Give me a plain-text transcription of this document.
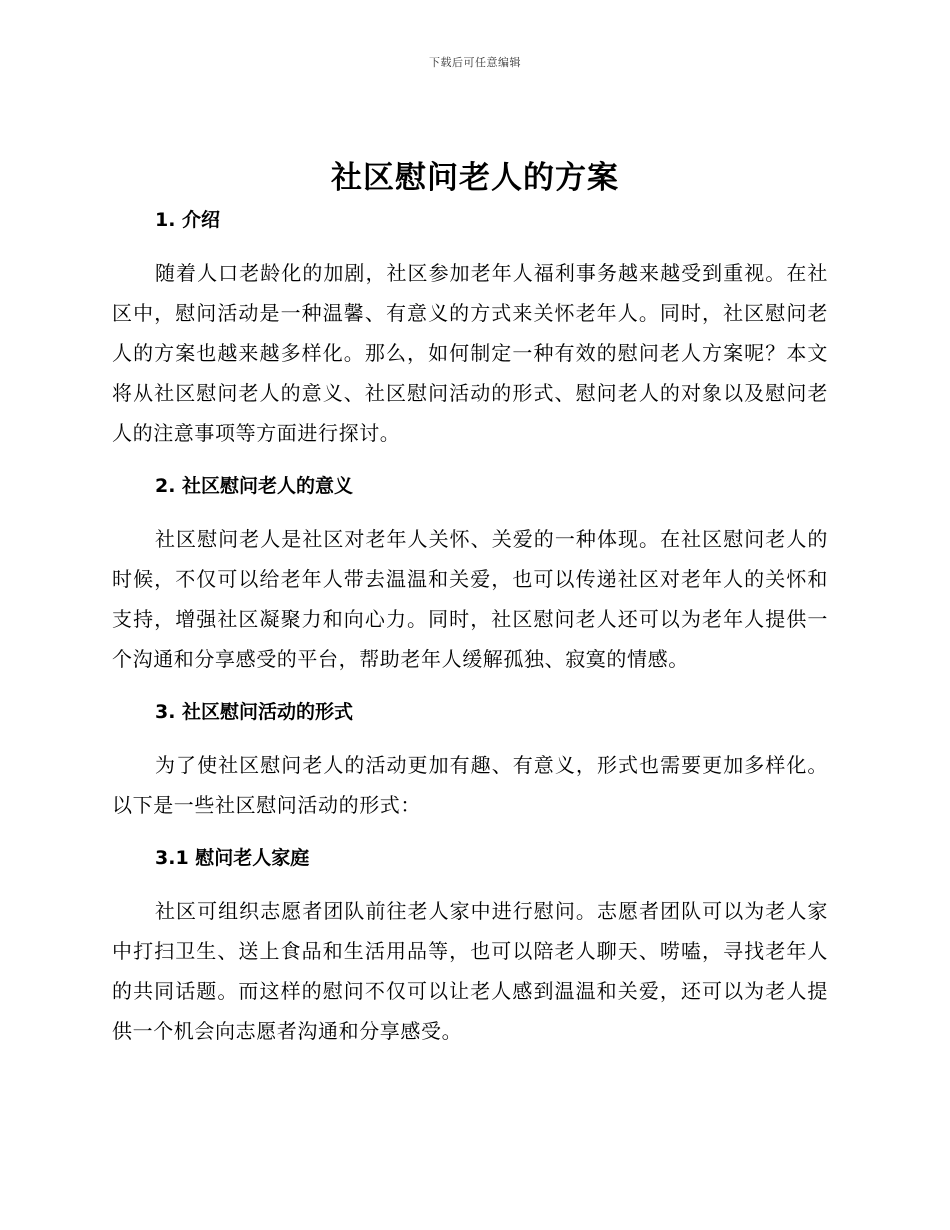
下载后可任意编辑
社区慰问老人的方案
1. 介绍

随着人口老龄化的加剧，社区参加老年人福利事务越来越受到重视。在社区中，慰问活动是一种温馨、有意义的方式来关怀老年人。同时，社区慰问老人的方案也越来越多样化。那么，如何制定一种有效的慰问老人方案呢？本文将从社区慰问老人的意义、社区慰问活动的形式、慰问老人的对象以及慰问老人的注意事项等方面进行探讨。

2. 社区慰问老人的意义

社区慰问老人是社区对老年人关怀、关爱的一种体现。在社区慰问老人的时候，不仅可以给老年人带去温温和关爱，也可以传递社区对老年人的关怀和支持，增强社区凝聚力和向心力。同时，社区慰问老人还可以为老年人提供一个沟通和分享感受的平台，帮助老年人缓解孤独、寂寞的情感。

3. 社区慰问活动的形式

为了使社区慰问老人的活动更加有趣、有意义，形式也需要更加多样化。以下是一些社区慰问活动的形式：

3.1 慰问老人家庭

社区可组织志愿者团队前往老人家中进行慰问。志愿者团队可以为老人家中打扫卫生、送上食品和生活用品等，也可以陪老人聊天、唠嗑，寻找老年人的共同话题。而这样的慰问不仅可以让老人感到温温和关爱，还可以为老人提供一个机会向志愿者沟通和分享感受。
